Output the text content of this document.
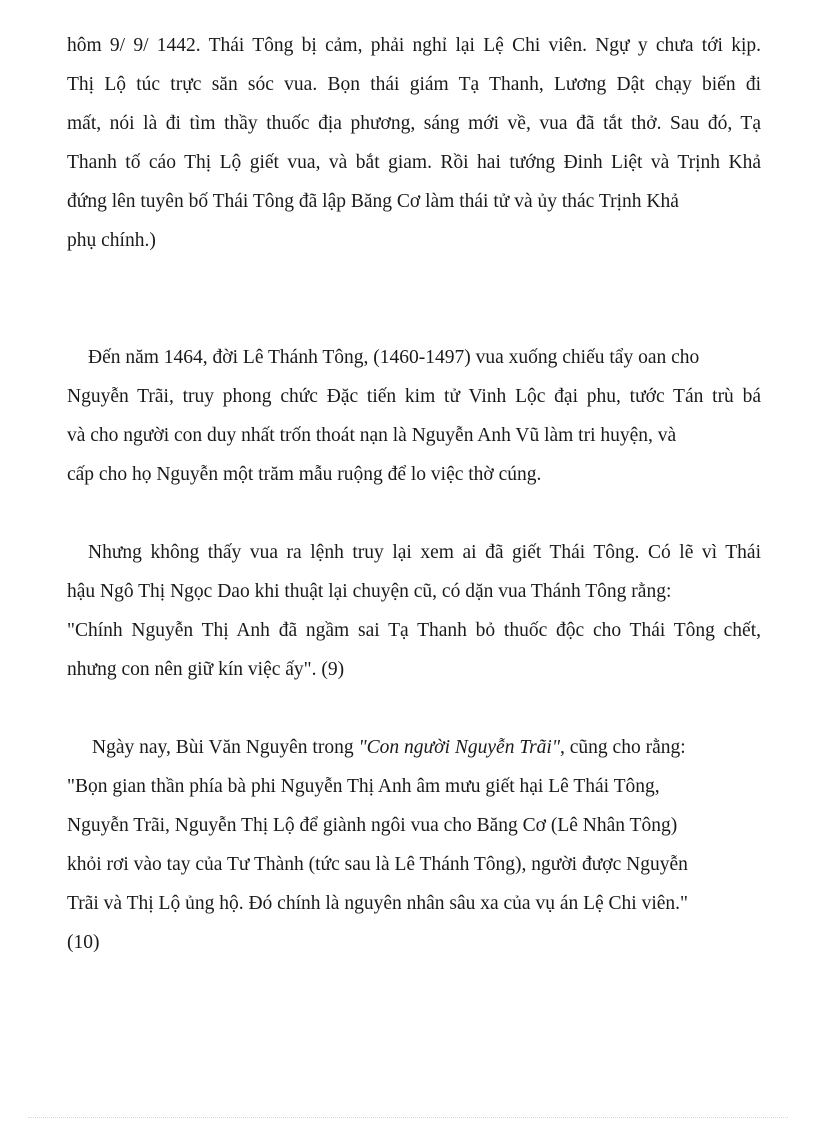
hôm 9/ 9/ 1442. Thái Tông bị cảm, phải nghỉ lại Lệ Chi viên. Ngự y chưa tới kịp.
Thị Lộ túc trực săn sóc vua. Bọn thái giám Tạ Thanh, Lương Dật chạy biến đi
mất, nói là đi tìm thầy thuốc địa phương, sáng mới về, vua đã tắt thở. Sau đó, Tạ
Thanh tố cáo Thị Lộ giết vua, và bắt giam. Rồi hai tướng Đinh Liệt và Trịnh Khả
đứng lên tuyên bố Thái Tông đã lập Băng Cơ làm thái tử và ủy thác Trịnh Khả
phụ chính.)
Đến năm 1464, đời Lê Thánh Tông, (1460-1497) vua xuống chiếu tẩy oan cho
Nguyễn Trãi, truy phong chức Đặc tiến kim tử Vinh Lộc đại phu, tước Tán trù bá
và cho người con duy nhất trốn thoát nạn là Nguyễn Anh Vũ làm tri huyện, và
cấp cho họ Nguyễn một trăm mẫu ruộng để lo việc thờ cúng.
Nhưng không thấy vua ra lệnh truy lại xem ai đã giết Thái Tông. Có lẽ vì Thái
hậu Ngô Thị Ngọc Dao khi thuật lại chuyện cũ, có dặn vua Thánh Tông rằng:
"Chính Nguyễn Thị Anh đã ngầm sai Tạ Thanh bỏ thuốc độc cho Thái Tông chết,
nhưng con nên giữ kín việc ấy". (9)
Ngày nay, Bùi Văn Nguyên trong "Con người Nguyễn Trãi", cũng cho rằng:
"Bọn gian thần phía bà phi Nguyễn Thị Anh âm mưu giết hại Lê Thái Tông,
Nguyễn Trãi, Nguyễn Thị Lộ để giành ngôi vua cho Băng Cơ (Lê Nhân Tông)
khỏi rơi vào tay của Tư Thành (tức sau là Lê Thánh Tông), người được Nguyễn
Trãi và Thị Lộ ủng hộ. Đó chính là nguyên nhân sâu xa của vụ án Lệ Chi viên."
(10)
